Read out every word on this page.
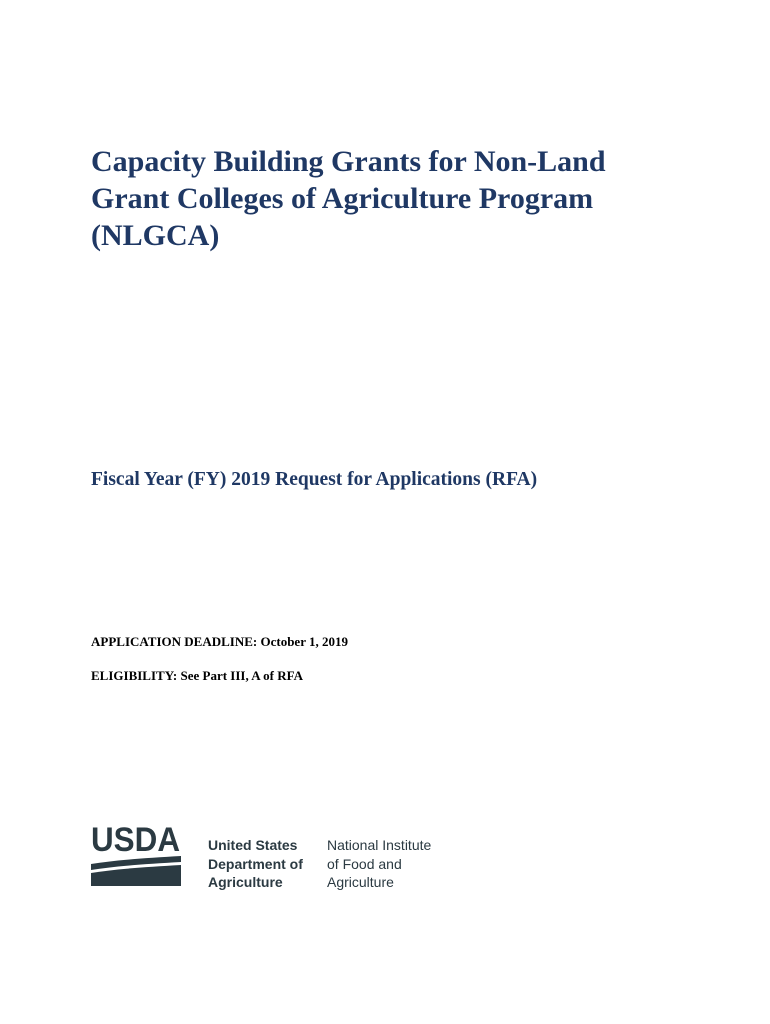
Capacity Building Grants for Non-Land
Grant Colleges of Agriculture Program
(NLGCA)
Fiscal Year (FY) 2019 Request for Applications (RFA)

APPLICATION DEADLINE: October 1, 2019

ELIGIBILITY: See Part III, A of RFA

USDA United States
Department of
Agriculture
National Institute
of Food and
Agriculture
